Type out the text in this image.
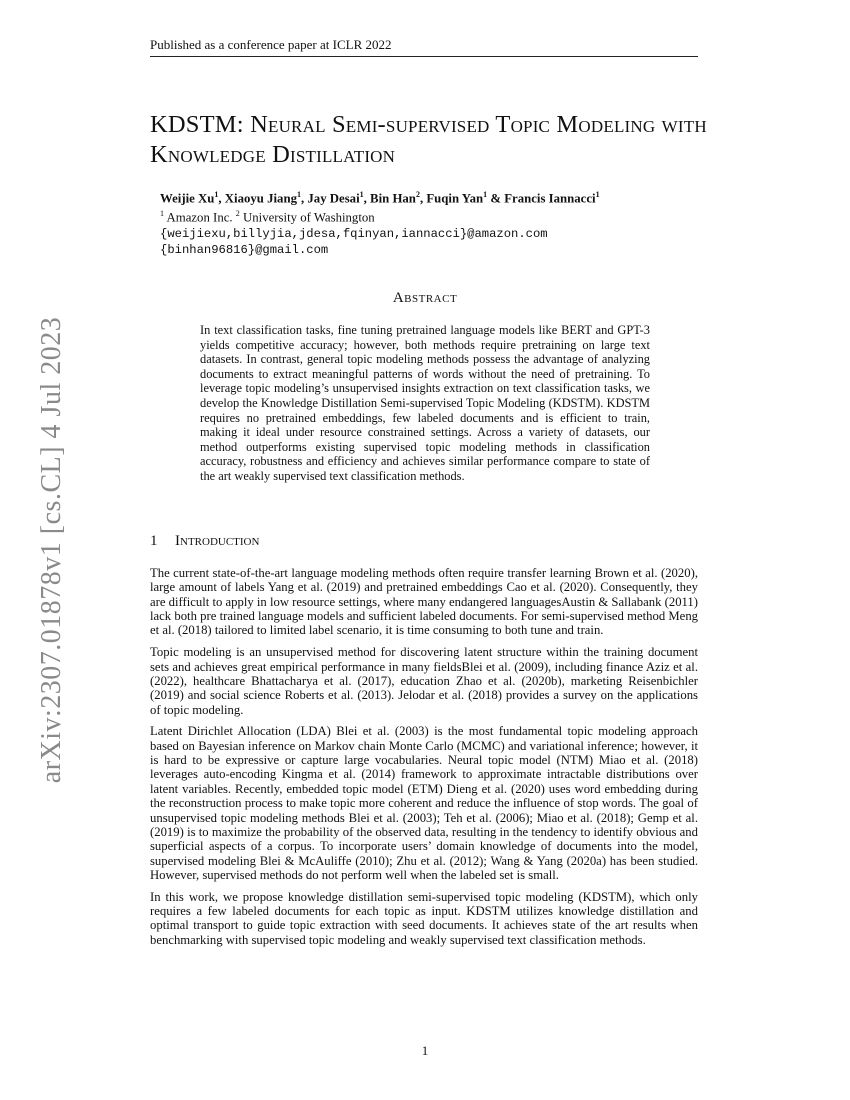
Published as a conference paper at ICLR 2022
arXiv:2307.01878v1 [cs.CL] 4 Jul 2023
KDSTM: Neural Semi-supervised Topic Modeling with Knowledge Distillation
Weijie Xu$^1$, Xiaoyu Jiang$^1$, Jay Desai$^1$, Bin Han$^2$, Fuqin Yan$^1$ & Francis Iannacci$^1$
$^1$ Amazon Inc. $^2$ University of Washington
{weijiexu,billyjia,jdesa,fqinyan,iannacci}@amazon.com
{binhan96816}@gmail.com
Abstract
In text classification tasks, fine tuning pretrained language models like BERT and GPT-3 yields competitive accuracy; however, both methods require pretraining on large text datasets. In contrast, general topic modeling methods possess the advantage of analyzing documents to extract meaningful patterns of words without the need of pretraining. To leverage topic modeling’s unsupervised insights extraction on text classification tasks, we develop the Knowledge Distillation Semi-supervised Topic Modeling (KDSTM). KDSTM requires no pretrained embeddings, few labeled documents and is efficient to train, making it ideal under resource constrained settings. Across a variety of datasets, our method outperforms existing supervised topic modeling methods in classification accuracy, robustness and efficiency and achieves similar performance compare to state of the art weakly supervised text classification methods.
1 Introduction

The current state-of-the-art language modeling methods often require transfer learning Brown et al. (2020), large amount of labels Yang et al. (2019) and pretrained embeddings Cao et al. (2020). Consequently, they are difficult to apply in low resource settings, where many endangered languagesAustin & Sallabank (2011) lack both pre trained language models and sufficient labeled documents. For semi-supervised method Meng et al. (2018) tailored to limited label scenario, it is time consuming to both tune and train.

Topic modeling is an unsupervised method for discovering latent structure within the training document sets and achieves great empirical performance in many fieldsBlei et al. (2009), including finance Aziz et al. (2022), healthcare Bhattacharya et al. (2017), education Zhao et al. (2020b), marketing Reisenbichler (2019) and social science Roberts et al. (2013). Jelodar et al. (2018) provides a survey on the applications of topic modeling.

Latent Dirichlet Allocation (LDA) Blei et al. (2003) is the most fundamental topic modeling approach based on Bayesian inference on Markov chain Monte Carlo (MCMC) and variational inference; however, it is hard to be expressive or capture large vocabularies. Neural topic model (NTM) Miao et al. (2018) leverages auto-encoding Kingma et al. (2014) framework to approximate intractable distributions over latent variables. Recently, embedded topic model (ETM) Dieng et al. (2020) uses word embedding during the reconstruction process to make topic more coherent and reduce the influence of stop words. The goal of unsupervised topic modeling methods Blei et al. (2003); Teh et al. (2006); Miao et al. (2018); Gemp et al. (2019) is to maximize the probability of the observed data, resulting in the tendency to identify obvious and superficial aspects of a corpus. To incorporate users’ domain knowledge of documents into the model, supervised modeling Blei & McAuliffe (2010); Zhu et al. (2012); Wang & Yang (2020a) has been studied. However, supervised methods do not perform well when the labeled set is small.

In this work, we propose knowledge distillation semi-supervised topic modeling (KDSTM), which only requires a few labeled documents for each topic as input. KDSTM utilizes knowledge distillation and optimal transport to guide topic extraction with seed documents. It achieves state of the art results when benchmarking with supervised topic modeling and weakly supervised text classification methods.

1
